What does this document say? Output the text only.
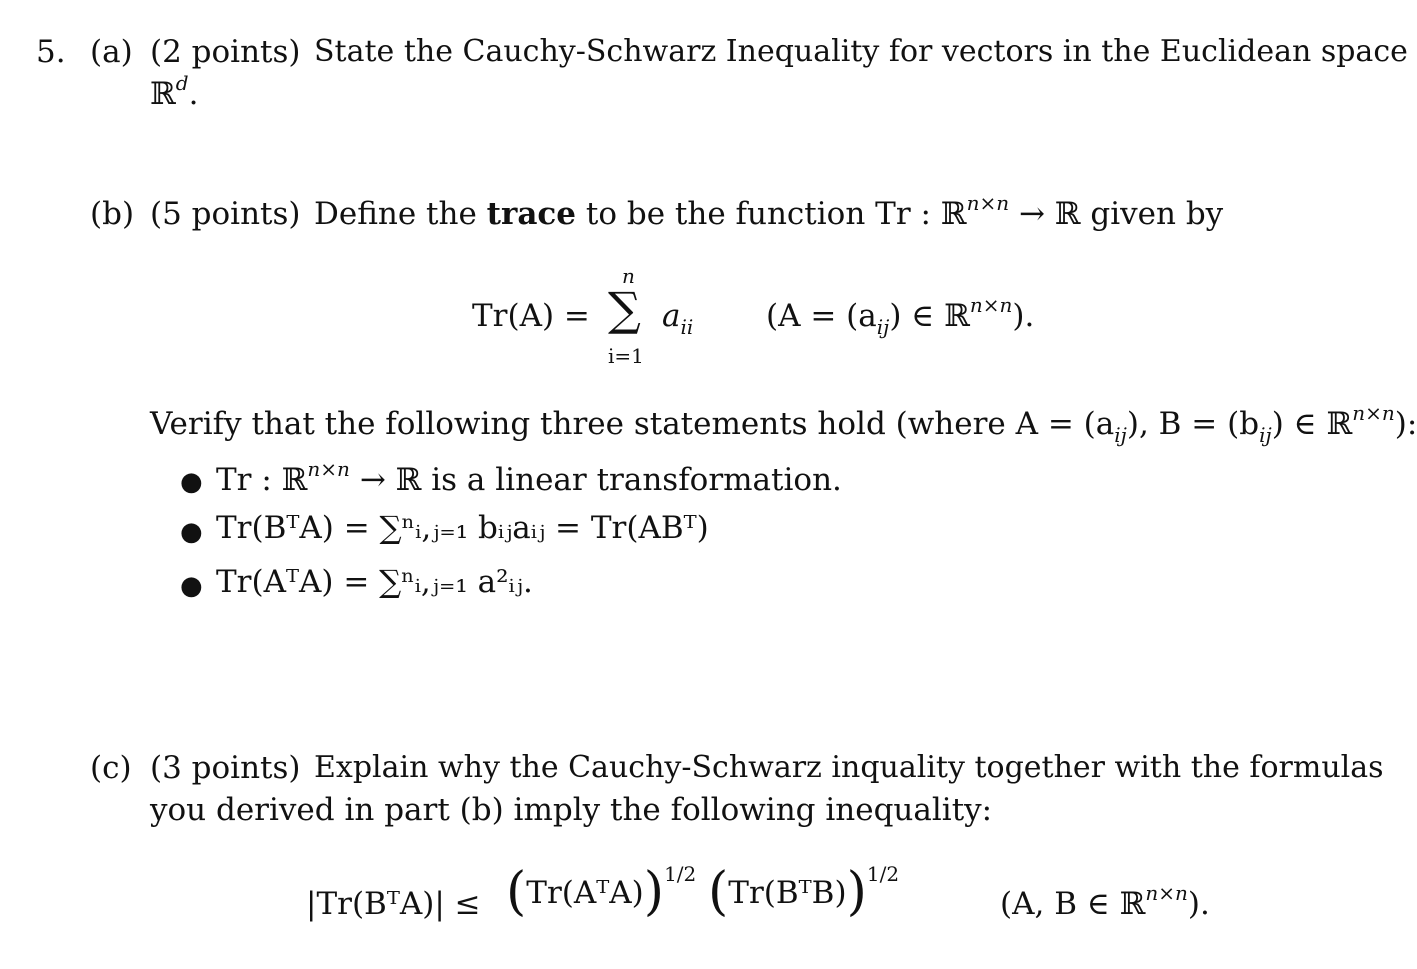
5. (a) (2 points) State the Cauchy-Schwarz Inequality for vectors in the Euclidean space
ℝ$^d$.
(b) (5 points) Define the trace to be the function Tr : ℝ$^{n\times n}$ → ℝ given by
Tr(A) =
n
∑
i=1
$a_{ii}$ ($A = (a_{ij})$ ∈ ℝ$^{n\times n}$).
Verify that the following three statements hold (where $A = (a_{ij})$, $B = (b_{ij})$ ∈ ℝ$^{n\times n}$):
● Tr : ℝ$^{n\times n}$ → ℝ is a linear transformation.
● Tr(BᵀA) = ∑ⁿᵢ,ⱼ₌₁ bᵢⱼaᵢⱼ = Tr(ABᵀ)
● Tr(AᵀA) = ∑ⁿᵢ,ⱼ₌₁ a²ᵢⱼ.
(c) (3 points) Explain why the Cauchy-Schwarz inquality together with the formulas
you derived in part (b) imply the following inequality:
|Tr(BᵀA)| ≤ (Tr(AᵀA))$^{1/2}$ (Tr(BᵀB))$^{1/2}$
(A, B ∈ ℝ$^{n\times n}$).
